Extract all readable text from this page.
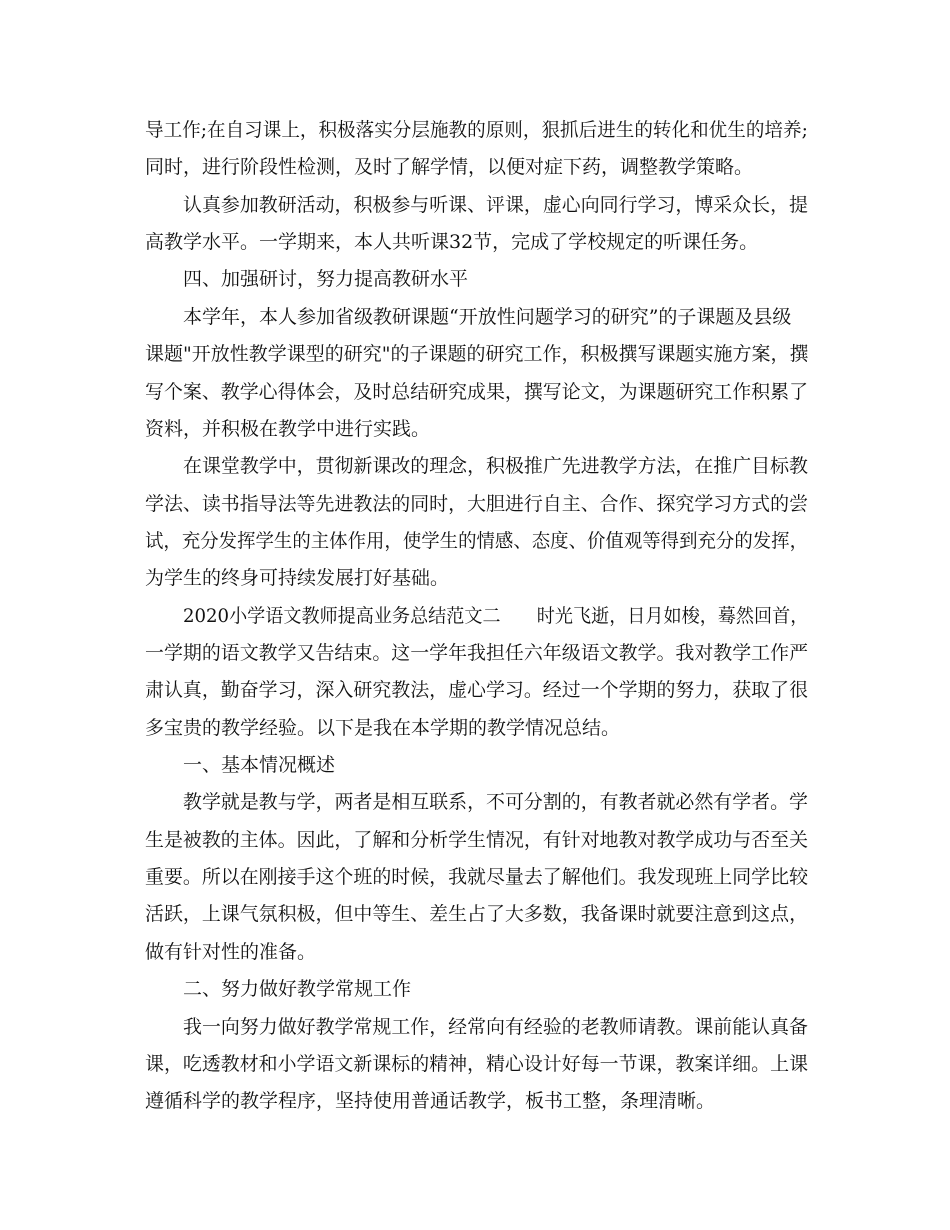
导工作;在自习课上，积极落实分层施教的原则，狠抓后进生的转化和优生的培养;
同时，进行阶段性检测，及时了解学情，以便对症下药，调整教学策略。
认真参加教研活动，积极参与听课、评课，虚心向同行学习，博采众长，提
高教学水平。一学期来，本人共听课32节，完成了学校规定的听课任务。
四、加强研讨，努力提高教研水平
本学年，本人参加省级教研课题“开放性问题学习的研究”的子课题及县级
课题"开放性教学课型的研究"的子课题的研究工作，积极撰写课题实施方案，撰
写个案、教学心得体会，及时总结研究成果，撰写论文，为课题研究工作积累了
资料，并积极在教学中进行实践。
在课堂教学中，贯彻新课改的理念，积极推广先进教学方法，在推广目标教
学法、读书指导法等先进教法的同时，大胆进行自主、合作、探究学习方式的尝
试，充分发挥学生的主体作用，使学生的情感、态度、价值观等得到充分的发挥，
为学生的终身可持续发展打好基础。
2020小学语文教师提高业务总结范文二　　时光飞逝，日月如梭，蓦然回首，
一学期的语文教学又告结束。这一学年我担任六年级语文教学。我对教学工作严
肃认真，勤奋学习，深入研究教法，虚心学习。经过一个学期的努力，获取了很
多宝贵的教学经验。以下是我在本学期的教学情况总结。
一、基本情况概述
教学就是教与学，两者是相互联系，不可分割的，有教者就必然有学者。学
生是被教的主体。因此，了解和分析学生情况，有针对地教对教学成功与否至关
重要。所以在刚接手这个班的时候，我就尽量去了解他们。我发现班上同学比较
活跃，上课气氛积极，但中等生、差生占了大多数，我备课时就要注意到这点，
做有针对性的准备。
二、努力做好教学常规工作
我一向努力做好教学常规工作，经常向有经验的老教师请教。课前能认真备
课，吃透教材和小学语文新课标的精神，精心设计好每一节课，教案详细。上课
遵循科学的教学程序，坚持使用普通话教学，板书工整，条理清晰。
